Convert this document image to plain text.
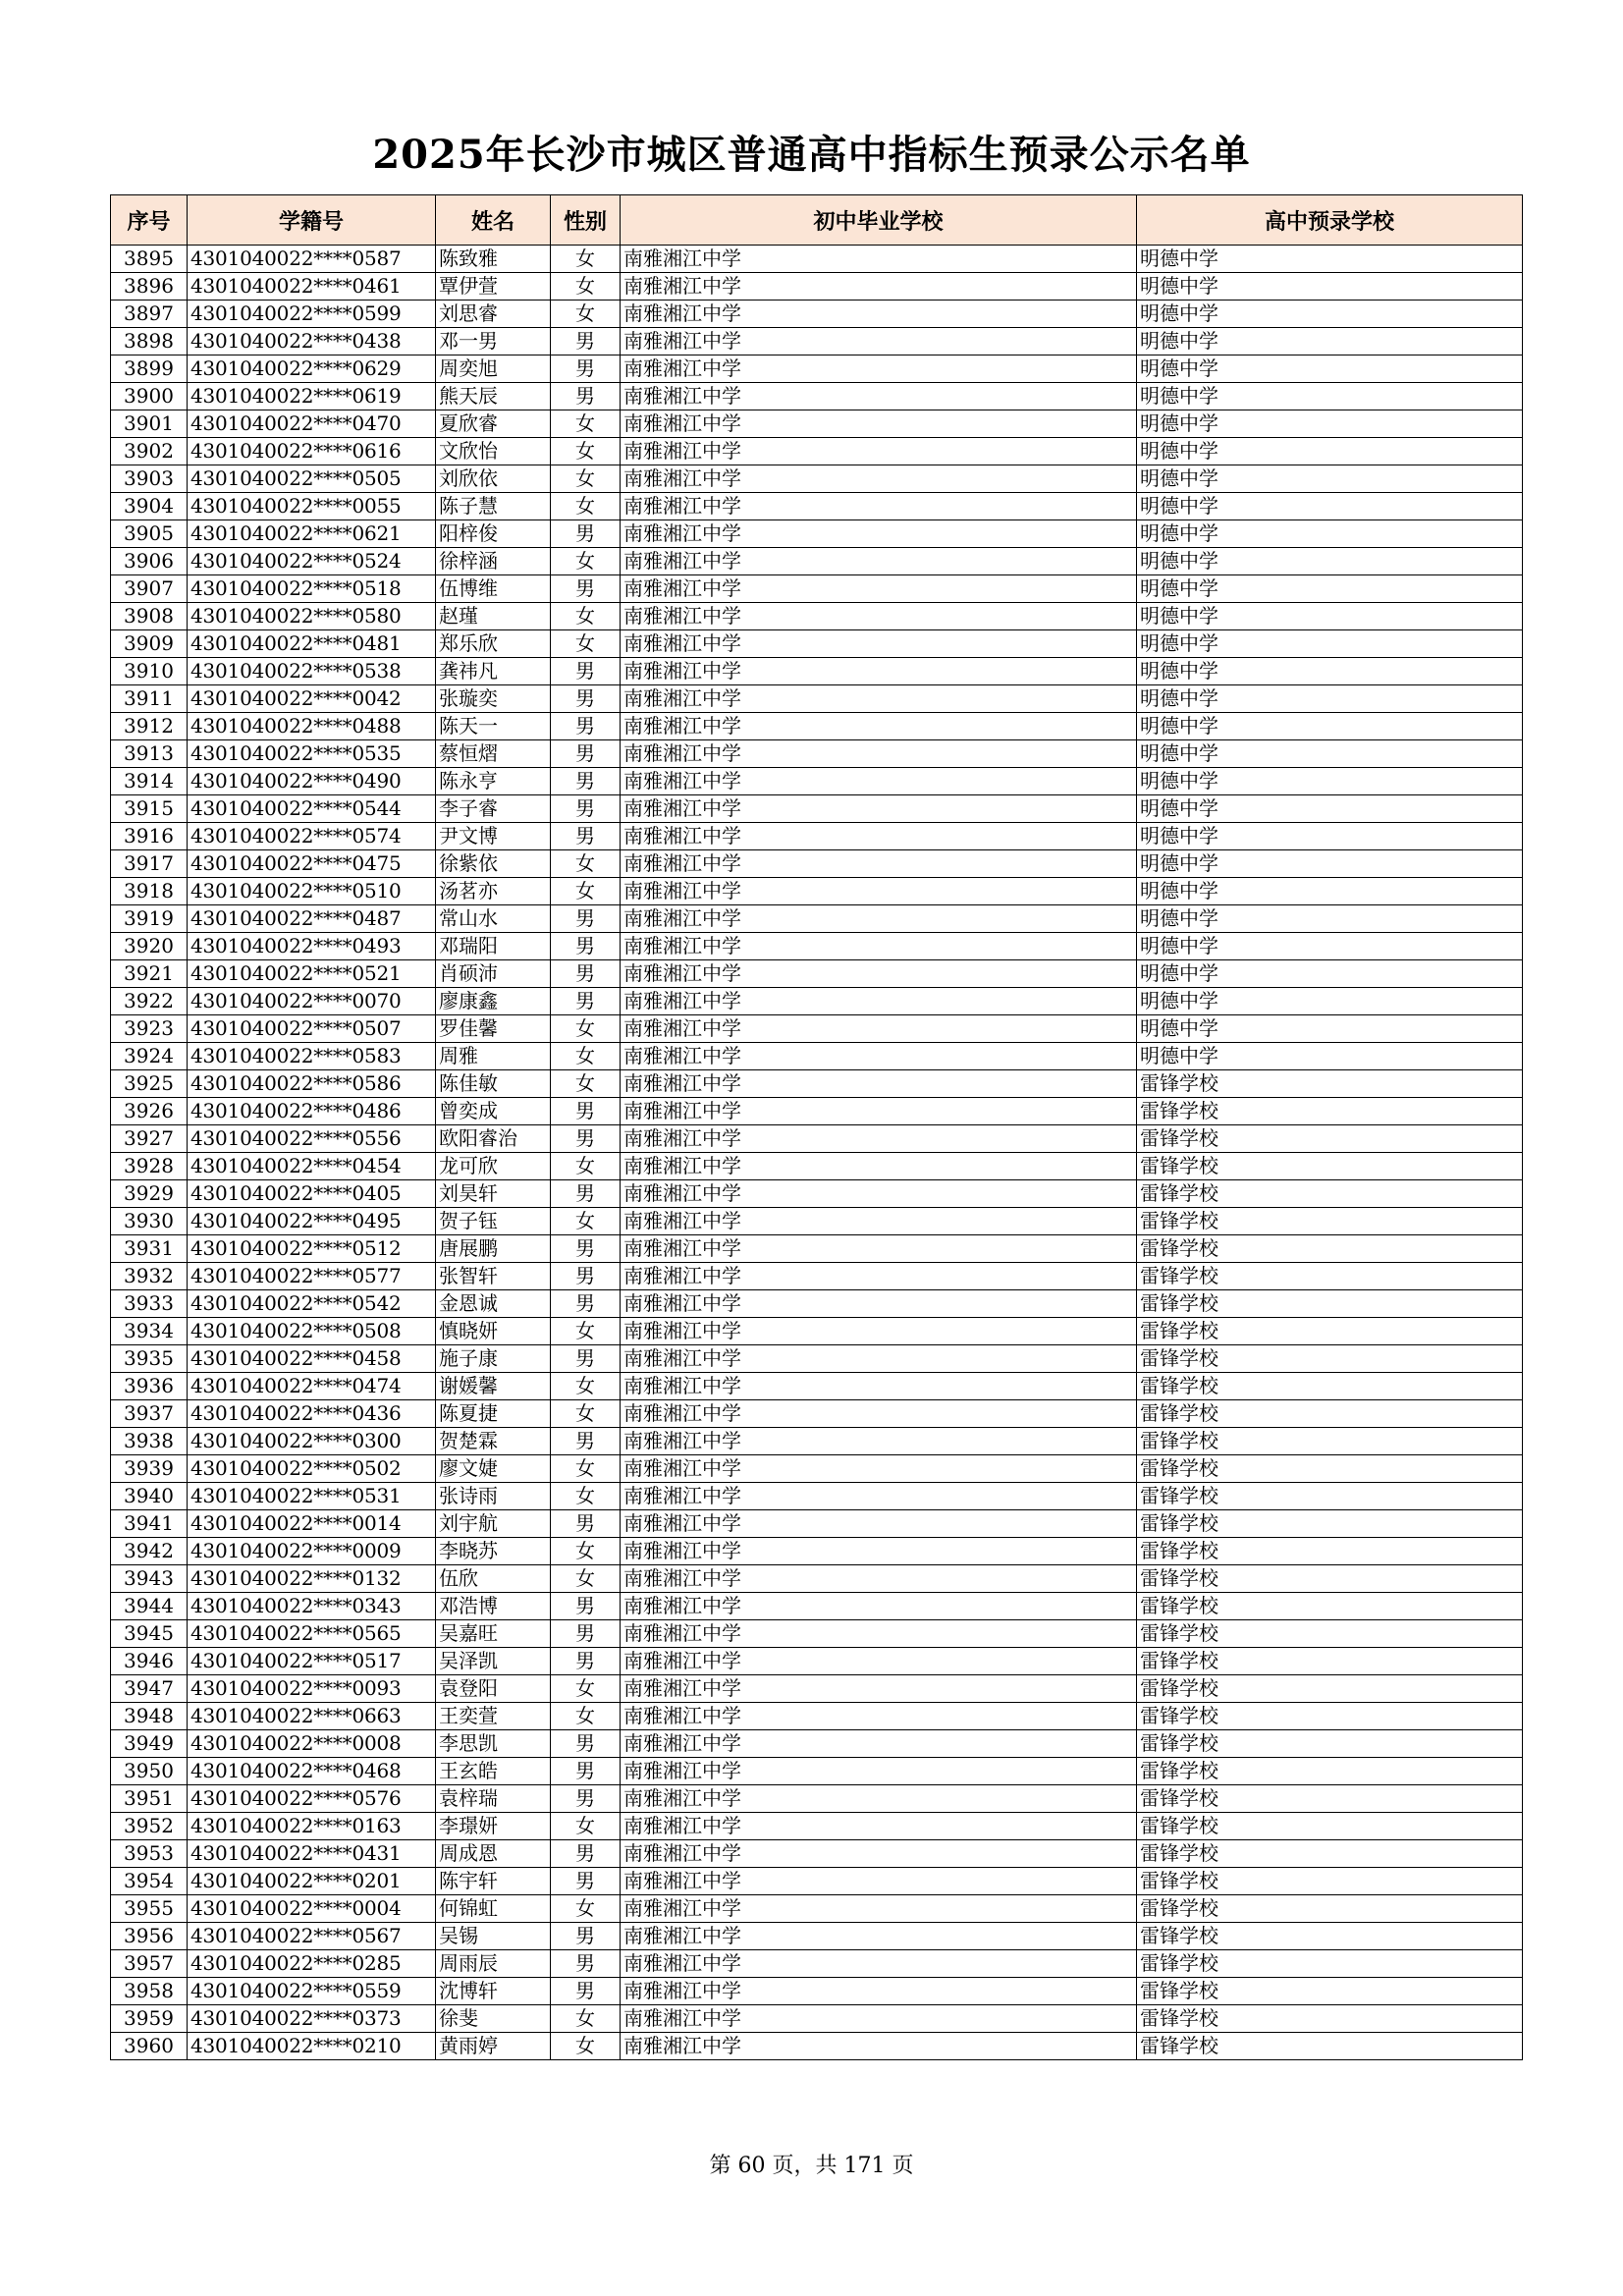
2025年长沙市城区普通高中指标生预录公示名单
序号	学籍号	姓名	性别	初中毕业学校	高中预录学校
3895	4301040022****0587	陈致雅	女	南雅湘江中学	明德中学
3896	4301040022****0461	覃伊萱	女	南雅湘江中学	明德中学
3897	4301040022****0599	刘思睿	女	南雅湘江中学	明德中学
3898	4301040022****0438	邓一男	男	南雅湘江中学	明德中学
3899	4301040022****0629	周奕旭	男	南雅湘江中学	明德中学
3900	4301040022****0619	熊天辰	男	南雅湘江中学	明德中学
3901	4301040022****0470	夏欣睿	女	南雅湘江中学	明德中学
3902	4301040022****0616	文欣怡	女	南雅湘江中学	明德中学
3903	4301040022****0505	刘欣依	女	南雅湘江中学	明德中学
3904	4301040022****0055	陈子慧	女	南雅湘江中学	明德中学
3905	4301040022****0621	阳梓俊	男	南雅湘江中学	明德中学
3906	4301040022****0524	徐梓涵	女	南雅湘江中学	明德中学
3907	4301040022****0518	伍博维	男	南雅湘江中学	明德中学
3908	4301040022****0580	赵瑾	女	南雅湘江中学	明德中学
3909	4301040022****0481	郑乐欣	女	南雅湘江中学	明德中学
3910	4301040022****0538	龚祎凡	男	南雅湘江中学	明德中学
3911	4301040022****0042	张璇奕	男	南雅湘江中学	明德中学
3912	4301040022****0488	陈天一	男	南雅湘江中学	明德中学
3913	4301040022****0535	蔡恒熠	男	南雅湘江中学	明德中学
3914	4301040022****0490	陈永亨	男	南雅湘江中学	明德中学
3915	4301040022****0544	李子睿	男	南雅湘江中学	明德中学
3916	4301040022****0574	尹文博	男	南雅湘江中学	明德中学
3917	4301040022****0475	徐紫依	女	南雅湘江中学	明德中学
3918	4301040022****0510	汤茗亦	女	南雅湘江中学	明德中学
3919	4301040022****0487	常山水	男	南雅湘江中学	明德中学
3920	4301040022****0493	邓瑞阳	男	南雅湘江中学	明德中学
3921	4301040022****0521	肖硕沛	男	南雅湘江中学	明德中学
3922	4301040022****0070	廖康鑫	男	南雅湘江中学	明德中学
3923	4301040022****0507	罗佳馨	女	南雅湘江中学	明德中学
3924	4301040022****0583	周雅	女	南雅湘江中学	明德中学
3925	4301040022****0586	陈佳敏	女	南雅湘江中学	雷锋学校
3926	4301040022****0486	曾奕成	男	南雅湘江中学	雷锋学校
3927	4301040022****0556	欧阳睿治	男	南雅湘江中学	雷锋学校
3928	4301040022****0454	龙可欣	女	南雅湘江中学	雷锋学校
3929	4301040022****0405	刘昊轩	男	南雅湘江中学	雷锋学校
3930	4301040022****0495	贺子钰	女	南雅湘江中学	雷锋学校
3931	4301040022****0512	唐展鹏	男	南雅湘江中学	雷锋学校
3932	4301040022****0577	张智轩	男	南雅湘江中学	雷锋学校
3933	4301040022****0542	金恩诚	男	南雅湘江中学	雷锋学校
3934	4301040022****0508	慎晓妍	女	南雅湘江中学	雷锋学校
3935	4301040022****0458	施子康	男	南雅湘江中学	雷锋学校
3936	4301040022****0474	谢媛馨	女	南雅湘江中学	雷锋学校
3937	4301040022****0436	陈夏捷	女	南雅湘江中学	雷锋学校
3938	4301040022****0300	贺楚霖	男	南雅湘江中学	雷锋学校
3939	4301040022****0502	廖文婕	女	南雅湘江中学	雷锋学校
3940	4301040022****0531	张诗雨	女	南雅湘江中学	雷锋学校
3941	4301040022****0014	刘宇航	男	南雅湘江中学	雷锋学校
3942	4301040022****0009	李晓苏	女	南雅湘江中学	雷锋学校
3943	4301040022****0132	伍欣	女	南雅湘江中学	雷锋学校
3944	4301040022****0343	邓浩博	男	南雅湘江中学	雷锋学校
3945	4301040022****0565	吴嘉旺	男	南雅湘江中学	雷锋学校
3946	4301040022****0517	吴泽凯	男	南雅湘江中学	雷锋学校
3947	4301040022****0093	袁登阳	女	南雅湘江中学	雷锋学校
3948	4301040022****0663	王奕萱	女	南雅湘江中学	雷锋学校
3949	4301040022****0008	李思凯	男	南雅湘江中学	雷锋学校
3950	4301040022****0468	王玄皓	男	南雅湘江中学	雷锋学校
3951	4301040022****0576	袁梓瑞	男	南雅湘江中学	雷锋学校
3952	4301040022****0163	李璟妍	女	南雅湘江中学	雷锋学校
3953	4301040022****0431	周成恩	男	南雅湘江中学	雷锋学校
3954	4301040022****0201	陈宇轩	男	南雅湘江中学	雷锋学校
3955	4301040022****0004	何锦虹	女	南雅湘江中学	雷锋学校
3956	4301040022****0567	吴锡	男	南雅湘江中学	雷锋学校
3957	4301040022****0285	周雨辰	男	南雅湘江中学	雷锋学校
3958	4301040022****0559	沈博轩	男	南雅湘江中学	雷锋学校
3959	4301040022****0373	徐斐	女	南雅湘江中学	雷锋学校
3960	4301040022****0210	黄雨婷	女	南雅湘江中学	雷锋学校
第 60 页，共 171 页
